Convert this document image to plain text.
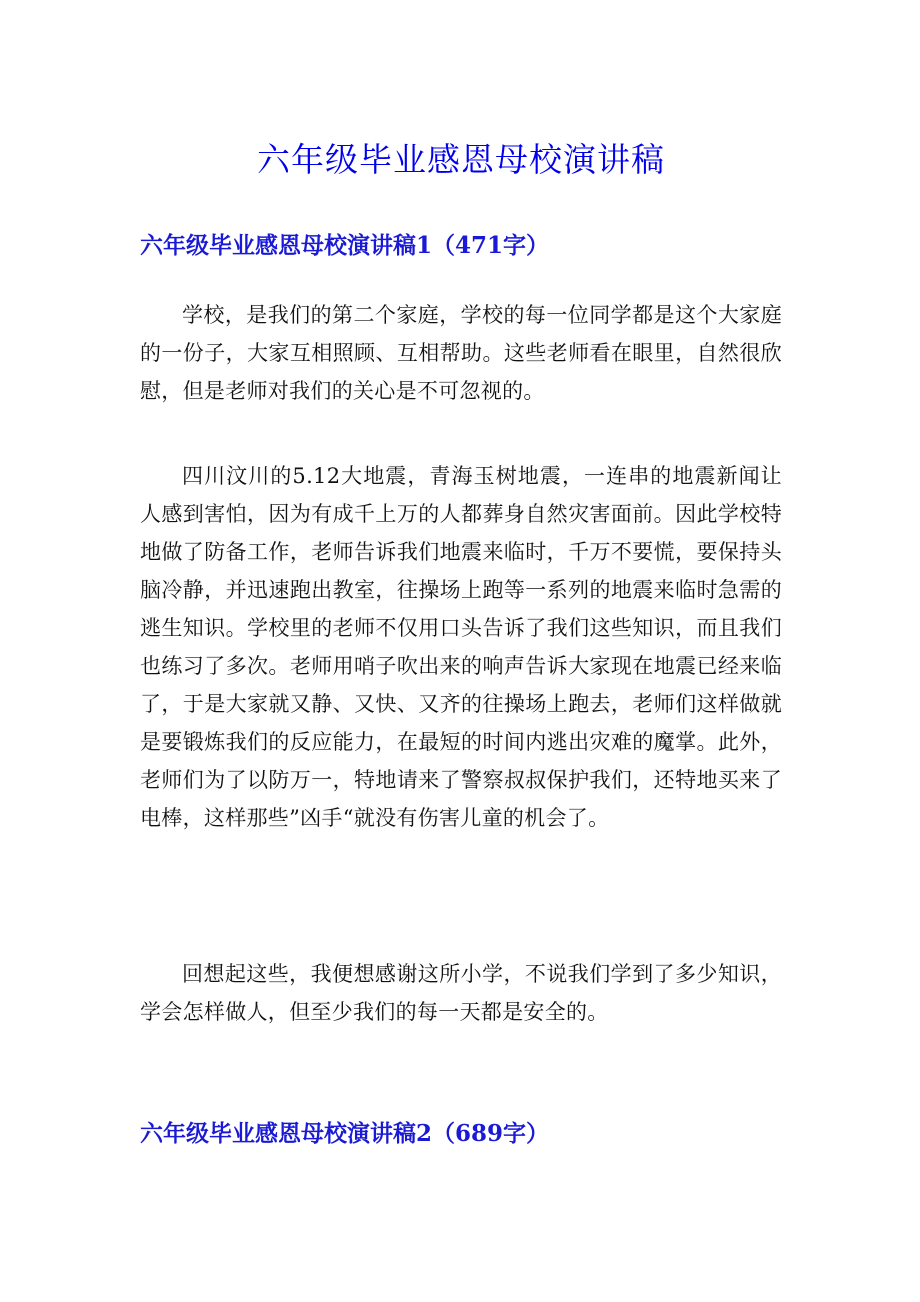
六年级毕业感恩母校演讲稿
六年级毕业感恩母校演讲稿1（471字）

学校，是我们的第二个家庭，学校的每一位同学都是这个大家庭的一份子，大家互相照顾、互相帮助。这些老师看在眼里，自然很欣慰，但是老师对我们的关心是不可忽视的。

四川汶川的5.12大地震，青海玉树地震，一连串的地震新闻让人感到害怕，因为有成千上万的人都葬身自然灾害面前。因此学校特地做了防备工作，老师告诉我们地震来临时，千万不要慌，要保持头脑冷静，并迅速跑出教室，往操场上跑等一系列的地震来临时急需的逃生知识。学校里的老师不仅用口头告诉了我们这些知识，而且我们也练习了多次。老师用哨子吹出来的响声告诉大家现在地震已经来临了，于是大家就又静、又快、又齐的往操场上跑去，老师们这样做就是要锻炼我们的反应能力，在最短的时间内逃出灾难的魔掌。此外，老师们为了以防万一，特地请来了警察叔叔保护我们，还特地买来了电棒，这样那些”凶手“就没有伤害儿童的机会了。

回想起这些，我便想感谢这所小学，不说我们学到了多少知识，学会怎样做人，但至少我们的每一天都是安全的。

六年级毕业感恩母校演讲稿2（689字）
